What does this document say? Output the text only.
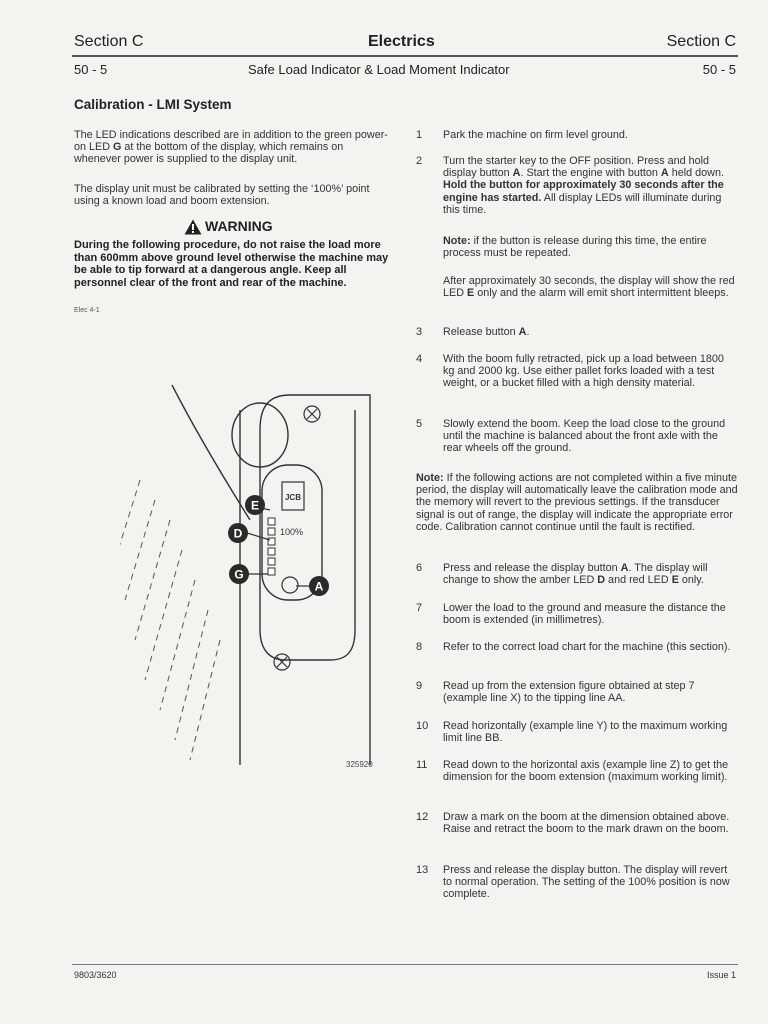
Section C	Electrics	Section C
50 - 5	Safe Load Indicator & Load Moment Indicator	50 - 5
Calibration - LMI System
The LED indications described are in addition to the green power-on LED G at the bottom of the display, which remains on whenever power is supplied to the display unit.
The display unit must be calibrated by setting the ‘100%’ point using a known load and boom extension.
WARNING
During the following procedure, do not raise the load more than 600mm above ground level otherwise the machine may be able to tip forward at a dangerous angle. Keep all personnel clear of the front and rear of the machine.
Elec 4-1
JCB
100%
E
D
G
A
325920
1	Park the machine on firm level ground.
2	Turn the starter key to the OFF position. Press and hold display button A. Start the engine with button A held down. Hold the button for approximately 30 seconds after the engine has started. All display LEDs will illuminate during this time.
3	Release button A.
4	With the boom fully retracted, pick up a load between 1800 kg and 2000 kg. Use either pallet forks loaded with a test weight, or a bucket filled with a high density material.
5	Slowly extend the boom. Keep the load close to the ground until the machine is balanced about the front axle with the rear wheels off the ground.
6	Press and release the display button A. The display will change to show the amber LED D and red LED E only.
7	Lower the load to the ground and measure the distance the boom is extended (in millimetres).
8	Refer to the correct load chart for the machine (this section).
9	Read up from the extension figure obtained at step 7 (example line X) to the tipping line AA.
10	Read horizontally (example line Y) to the maximum working limit line BB.
11	Read down to the horizontal axis (example line Z) to get the dimension for the boom extension (maximum working limit).
12	Draw a mark on the boom at the dimension obtained above. Raise and retract the boom to the mark drawn on the boom.
13	Press and release the display button. The display will revert to normal operation. The setting of the 100% position is now complete.
Note: if the button is release during this time, the entire process must be repeated.
After approximately 30 seconds, the display will show the red LED E only and the alarm will emit short intermittent bleeps.
Note: If the following actions are not completed within a five minute period, the display will automatically leave the calibration mode and the memory will revert to the previous settings. If the transducer signal is out of range, the display will indicate the appropriate error code. Calibration cannot continue until the fault is rectified.
9803/3620	Issue 1
